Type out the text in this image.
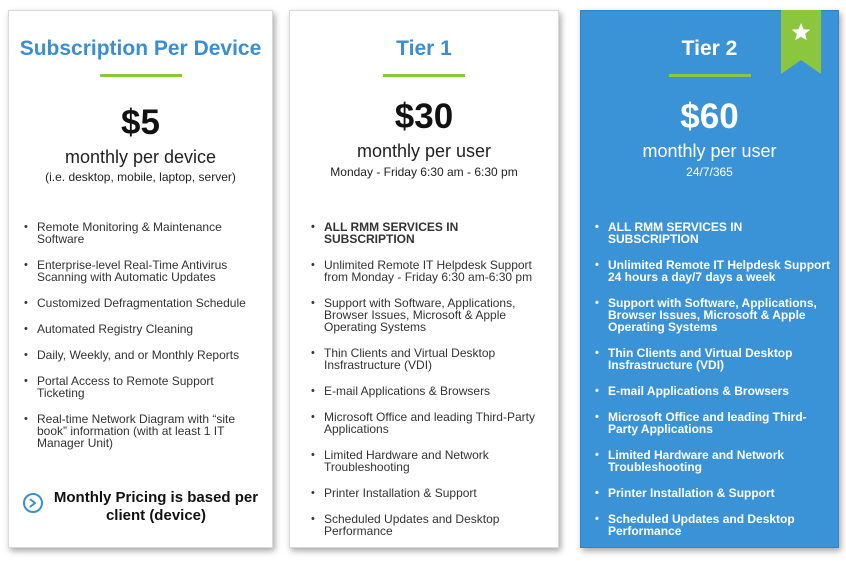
Subscription Per Device
$5
monthly per device
(i.e. desktop, mobile, laptop, server)
• Remote Monitoring & Maintenance Software
• Enterprise-level Real-Time Antivirus Scanning with Automatic Updates
• Customized Defragmentation Schedule
• Automated Registry Cleaning
• Daily, Weekly, and or Monthly Reports
• Portal Access to Remote Support Ticketing
• Real-time Network Diagram with “site book” information (with at least 1 IT Manager Unit)
Monthly Pricing is based per client (device)
Tier 1
$30
monthly per user
Monday - Friday 6:30 am - 6:30 pm
• ALL RMM SERVICES IN SUBSCRIPTION
• Unlimited Remote IT Helpdesk Support from Monday - Friday 6:30 am-6:30 pm
• Support with Software, Applications, Browser Issues, Microsoft & Apple Operating Systems
• Thin Clients and Virtual Desktop Insfrastructure (VDI)
• E-mail Applications & Browsers
• Microsoft Office and leading Third-Party Applications
• Limited Hardware and Network Troubleshooting
• Printer Installation & Support
• Scheduled Updates and Desktop Performance
Tier 2
$60
monthly per user
24/7/365
• ALL RMM SERVICES IN SUBSCRIPTION
• Unlimited Remote IT Helpdesk Support 24 hours a day/7 days a week
• Support with Software, Applications, Browser Issues, Microsoft & Apple Operating Systems
• Thin Clients and Virtual Desktop Insfrastructure (VDI)
• E-mail Applications & Browsers
• Microsoft Office and leading Third-Party Applications
• Limited Hardware and Network Troubleshooting
• Printer Installation & Support
• Scheduled Updates and Desktop Performance
